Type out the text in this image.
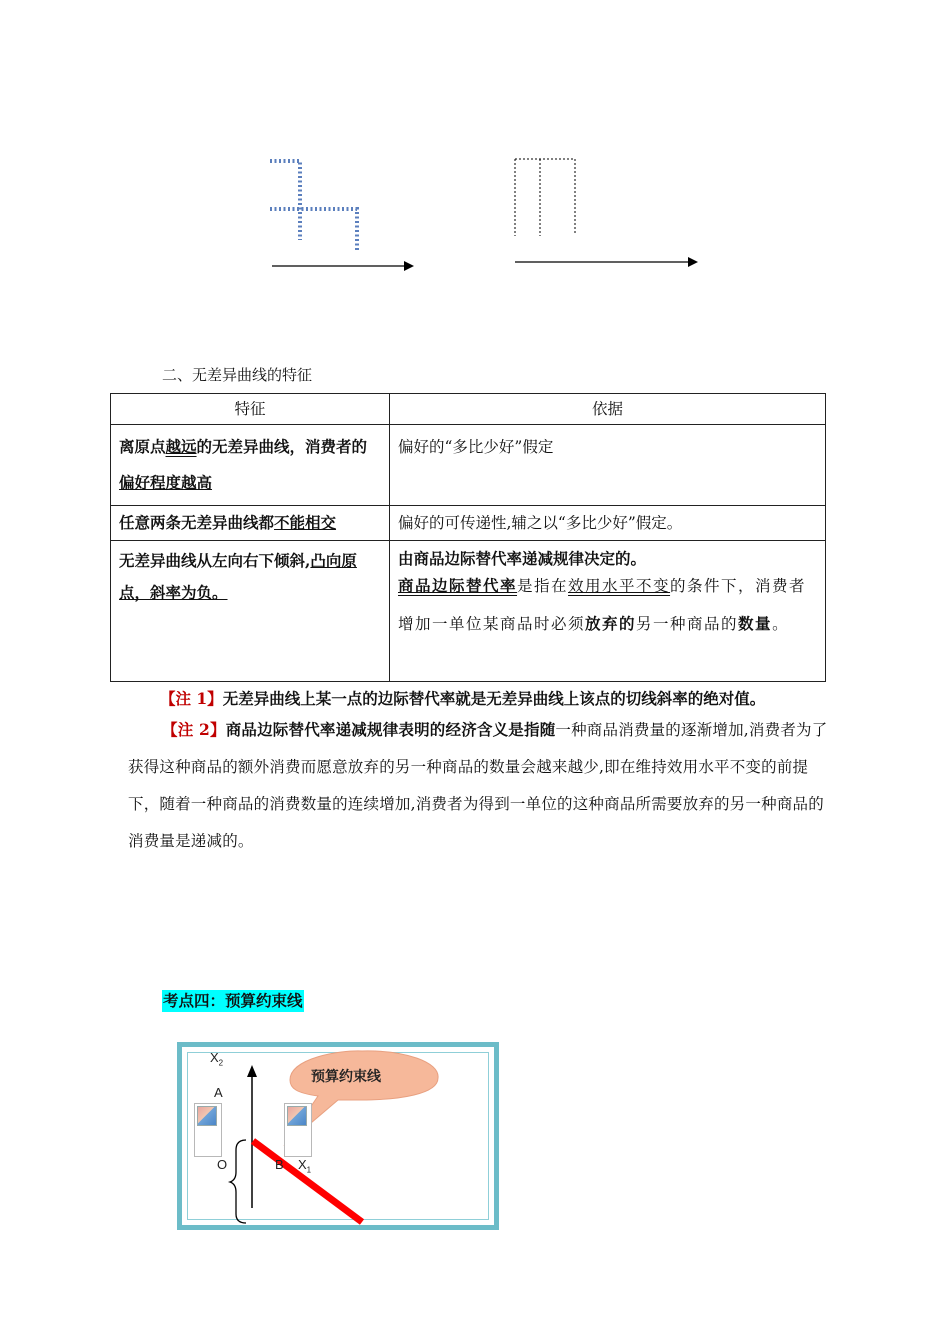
二、无差异曲线的特征
特征	依据
离原点越远的无差异曲线，消费者的偏好程度越高	偏好的“多比少好”假定
任意两条无差异曲线都不能相交	偏好的可传递性,辅之以“多比少好”假定。
无差异曲线从左向右下倾斜,凸向原点，斜率为负。	由商品边际替代率递减规律决定的。
商品边际替代率是指在效用水平不变的条件下，消费者增加一单位某商品时必须放弃的另一种商品的数量。
【注 1】无差异曲线上某一点的边际替代率就是无差异曲线上该点的切线斜率的绝对值。
【注 2】商品边际替代率递减规律表明的经济含义是指随一种商品消费量的逐渐增加,消费者为了获得这种商品的额外消费而愿意放弃的另一种商品的数量会越来越少,即在维持效用水平不变的前提下，随着一种商品的消费数量的连续增加,消费者为得到一单位的这种商品所需要放弃的另一种商品的消费量是递减的。
考点四：预算约束线
$X_2$
A
O	B $X_1$
预算约束线
